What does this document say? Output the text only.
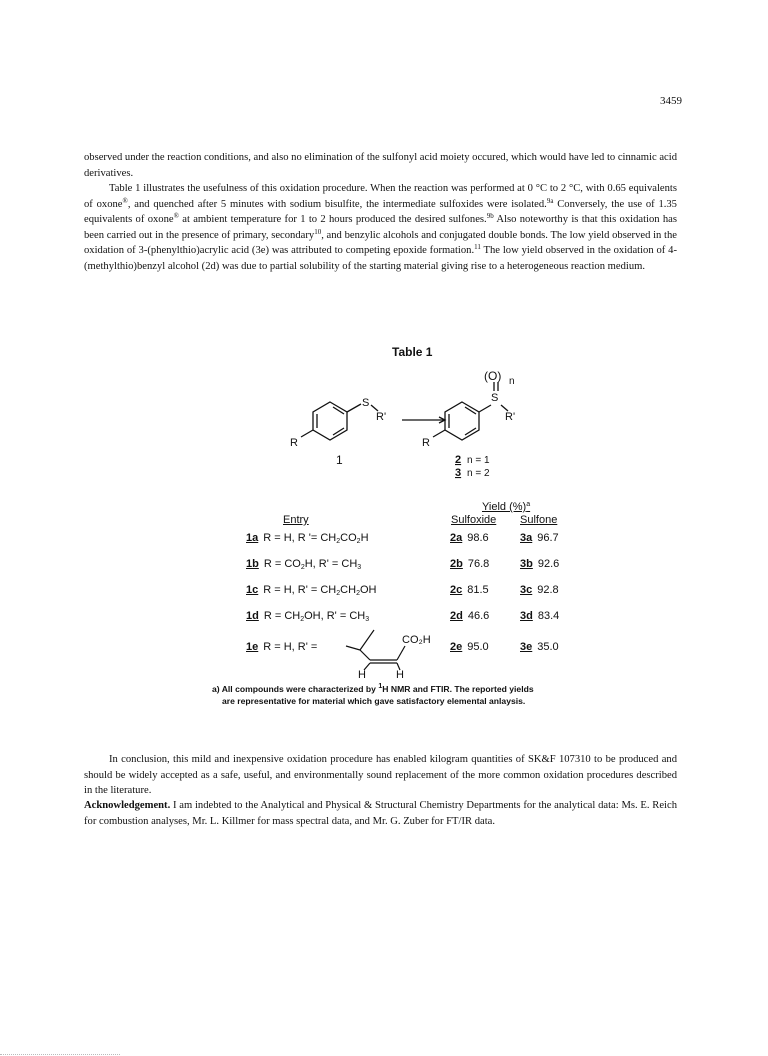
3459
observed under the reaction conditions, and also no elimination of the sulfonyl acid moiety occured, which would have led to cinnamic acid derivatives.
Table 1 illustrates the usefulness of this oxidation procedure. When the reaction was performed at 0 °C to 2 °C, with 0.65 equivalents of oxone®, and quenched after 5 minutes with sodium bisulfite, the intermediate sulfoxides were isolated.$^{9a}$ Conversely, the use of 1.35 equivalents of oxone® at ambient temperature for 1 to 2 hours produced the desired sulfones.$^{9b}$ Also noteworthy is that this oxidation has been carried out in the presence of primary, secondary$^{10}$, and benzylic alcohols and conjugated double bonds. The low yield observed in the oxidation of 3-(phenylthio)acrylic acid (3e) was attributed to competing epoxide formation.$^{11}$ The low yield observed in the oxidation of 4-(methylthio)benzyl alcohol (2d) was due to partial solubility of the starting material giving rise to a heterogeneous reaction medium.
Table 1
S
R'
R
1
(O) n
S
R'
R
2 n = 1
3 n = 2
Yield (%)$^a$
Entry	Sulfoxide Sulfone
1a R = H, R '= $CH_2CO_2H$	2a 98.6	3a 96.7
1b $R = CO_2H$, $R' = CH_3$	2b 76.8	3b 92.6
1c R = H, $R' = CH_2CH_2OH$	2c 81.5	3c 92.8
1d $R = CH_2OH$, $R' = CH_3$	2d 46.6	3d 83.4
1e R = H, R' =
CO₂H
H	H
2e 95.0	3e 35.0
a) All compounds were characterized by $^1$H NMR and FTIR. The reported yields
are representative for material which gave satisfactory elemental anlaysis.
In conclusion, this mild and inexpensive oxidation procedure has enabled kilogram quantities of SK&F 107310 to be produced and should be widely accepted as a safe, useful, and environmentally sound replacement of the more common oxidation procedures described in the literature.
Acknowledgement. I am indebted to the Analytical and Physical & Structural Chemistry Departments for the analytical data: Ms. E. Reich for combustion analyses, Mr. L. Killmer for mass spectral data, and Mr. G. Zuber for FT/IR data.
